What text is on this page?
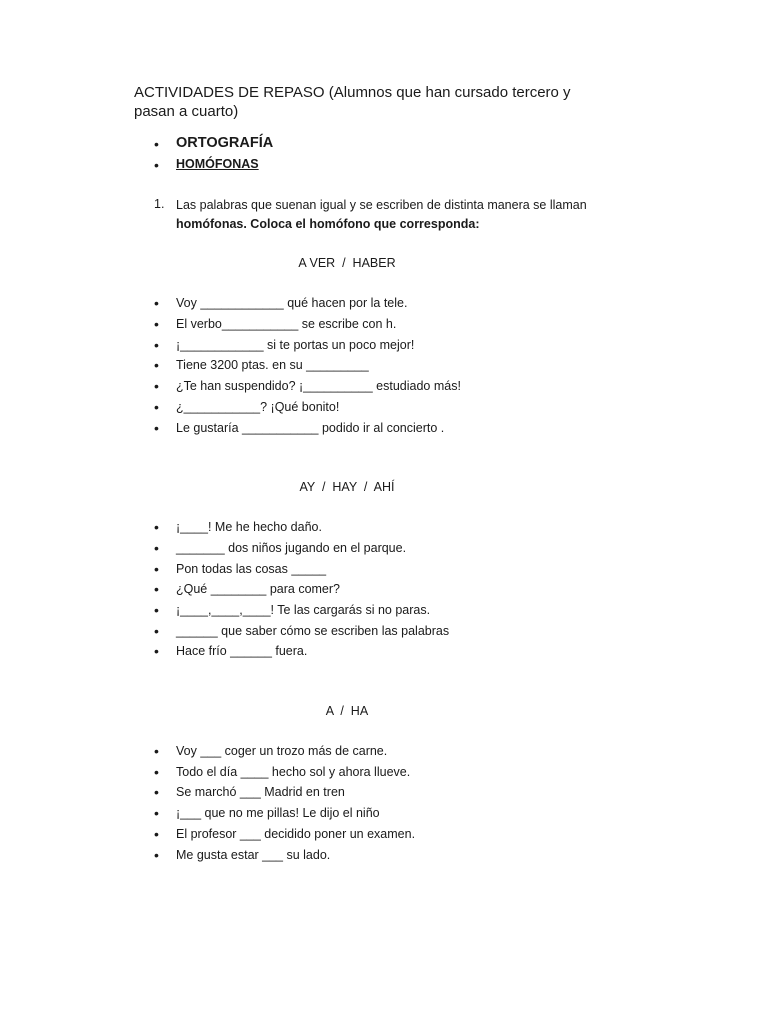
ACTIVIDADES DE REPASO (Alumnos que han cursado tercero y pasan a cuarto)
• ORTOGRAFÍA
• HOMÓFONAS
1. Las palabras que suenan igual y se escriben de distinta manera se llaman
homófonas. Coloca el homófono que corresponda:
A VER  /  HABER
• Voy ____________ qué hacen por la tele.
• El verbo___________ se escribe con h.
• ¡____________ si te portas un poco mejor!
• Tiene 3200 ptas. en su _________
• ¿Te han suspendido? ¡__________ estudiado más!
• ¿___________? ¡Qué bonito!
• Le gustaría ___________ podido ir al concierto .
AY  /  HAY  /  AHÍ
• ¡____! Me he hecho daño.
• _______ dos niños jugando en el parque.
• Pon todas las cosas _____
• ¿Qué ________ para comer?
• ¡____,____,____! Te las cargarás si no paras.
• ______ que saber cómo se escriben las palabras
• Hace frío ______ fuera.
A  /  HA
• Voy ___ coger un trozo más de carne.
• Todo el día ____ hecho sol y ahora llueve.
• Se marchó ___ Madrid en tren
• ¡___ que no me pillas! Le dijo el niño
• El profesor ___ decidido poner un examen.
• Me gusta estar ___ su lado.
